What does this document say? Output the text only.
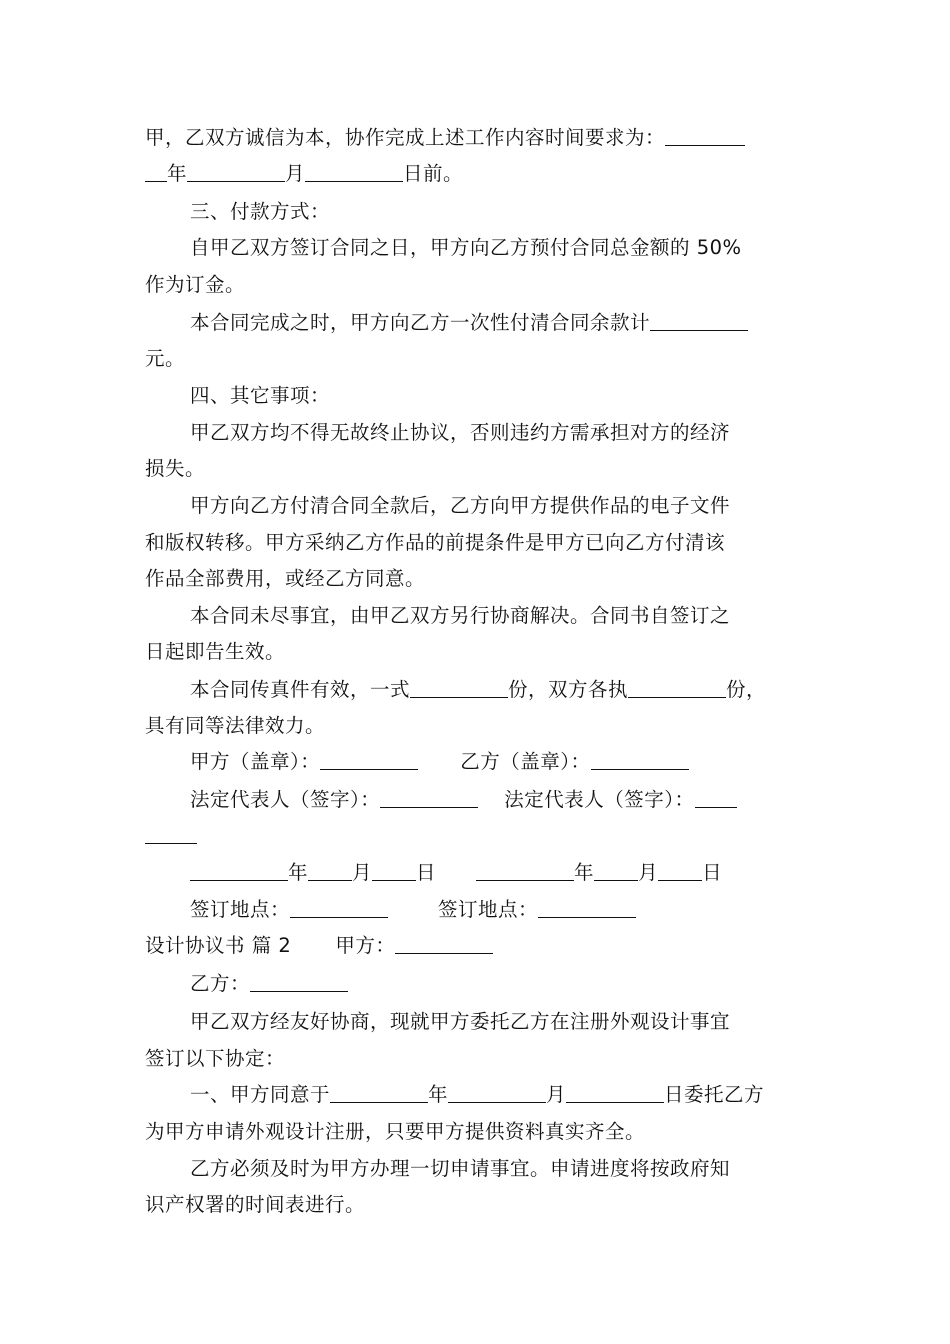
甲，乙双方诚信为本，协作完成上述工作内容时间要求为：
年	月	日前。
三、付款方式：
自甲乙双方签订合同之日，甲方向乙方预付合同总金额的 50%
作为订金。
本合同完成之时，甲方向乙方一次性付清合同余款计
元。
四、其它事项：
甲乙双方均不得无故终止协议，否则违约方需承担对方的经济
损失。
甲方向乙方付清合同全款后，乙方向甲方提供作品的电子文件
和版权转移。甲方采纳乙方作品的前提条件是甲方已向乙方付清该
作品全部费用，或经乙方同意。
本合同未尽事宜，由甲乙双方另行协商解决。合同书自签订之
日起即告生效。
本合同传真件有效，一式	份，双方各执	份，
具有同等法律效力。
甲方（盖章）：	乙方（盖章）：
法定代表人（签字）：	法定代表人（签字）：
年 月 日	年 月 日
签订地点：	签订地点：
设计协议书 篇 2 甲方：
乙方：
甲乙双方经友好协商，现就甲方委托乙方在注册外观设计事宜
签订以下协定：
一、甲方同意于	年	月	日委托乙方
为甲方申请外观设计注册，只要甲方提供资料真实齐全。
乙方必须及时为甲方办理一切申请事宜。申请进度将按政府知
识产权署的时间表进行。
